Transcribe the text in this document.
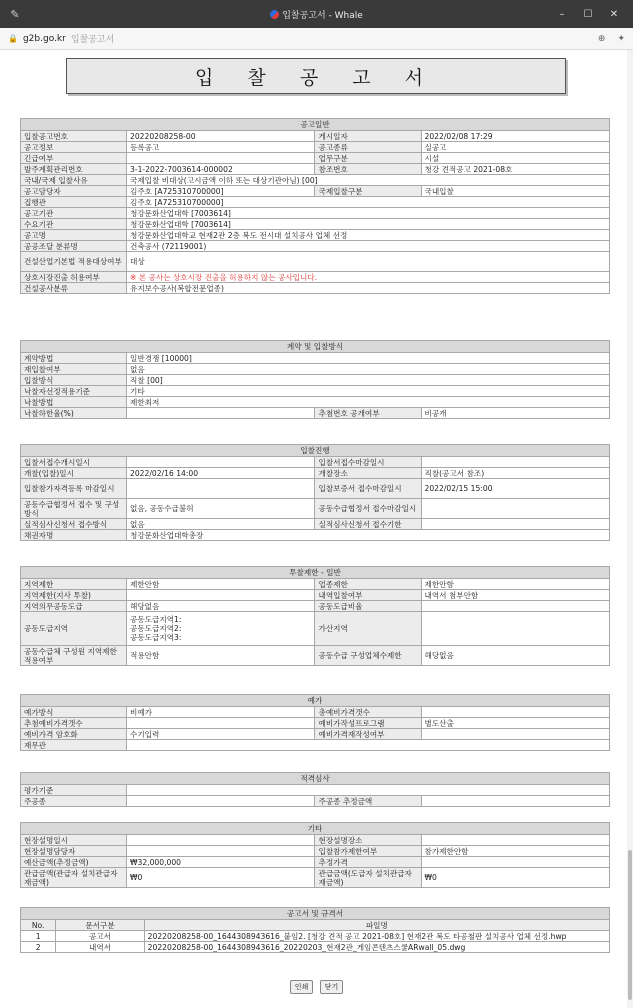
✎	입찰공고서 - Whale	–	☐	✕
🔒 g2b.go.kr 입찰공고서	⊕ ✦
입 찰 공 고 서
공고일반			
입찰공고번호	20220208258-00	게시일자	2022/02/08 17:29
공고정보	등록공고	공고종류	실공고
긴급여부		업무구분	시설
발주계획관리번호	3-1-2022-7003614-000002	참조번호	청강 견적공고 2021-08호
국내/국제 입찰사유	국제입찰 비대상(고시금액 이하 또는 대상기관아님) [00]		
공고담당자	김주호 [A725310700000]	국제입찰구분	국내입찰
집행관	김주호 [A725310700000]		
공고기관	청강문화산업대학 [7003614]		
수요기관	청강문화산업대학 [7003614]		
공고명	청강문화산업대학교 현재2관 2층 복도 전시대 설치공사 업체 선정		
공공조달 분류명	건축공사 (72119001)		
건설산업기본법 적용대상여부	대상		
상호시장진출 허용여부	※ 본 공사는 상호시장 진출을 허용하지 않는 공사입니다.		
건설공사분류	유지보수공사(복합전문업종)		
계약 및 입찰방식			
계약방법	일반경쟁 [10000]		
재입찰여부	없음		
입찰방식	직찰 [00]		
낙찰자선정적용기준	기타		
낙찰방법	제한최저		
낙찰하한율(%)		추첨번호 공개여부	비공개
입찰진행			
입찰서접수개시일시		입찰서접수마감일시	
개찰(입찰)일시	2022/02/16 14:00	개찰장소	직찰(공고서 참조)
입찰참가자격등록 마감일시		입찰보증서 접수마감일시	2022/02/15 15:00
공동수급협정서 접수 및 구성방식	없음, 공동수급불허	공동수급협정서 접수마감일시	
실적심사신청서 접수방식	없음	실적심사신청서 접수기한	
채권자명	청강문화산업대학총장		
투찰제한 - 일반			
지역제한	제한안함	업종제한	제한안함
지역제한(지사 투찰)		내역입찰여부	내역서 첨부안함
지역의무공동도급	해당없음	공동도급비율	
공동도급지역	공동도급지역1:
공동도급지역2:
공동도급지역3:	가산지역	
공동수급체 구성원 지역제한 적용여부	적용안함	공동수급 구성업체수제한	해당없음
예가			
예가방식	비예가	총예비가격갯수	
추첨예비가격갯수		예비가작성프로그램	별도산출
예비가격 암호화	수기입력	예비가격재작성여부	
재무관			
적격심사			
평가기준			
주공종		주공종 추정금액	
기타			
현장설명일시		현장설명장소	
현장설명담당자		입찰참가제한여부	참가제한안함
예산금액(추정금액)	₩32,000,000	추정가격	
관급금액(관급자 설치관급자재금액)	₩0	관급금액(도급자 설치관급자재금액)	₩0
공고서 및 규격서		
No.	문서구분	파일명
1	공고서	20220208258-00_1644308943616_붙임2. [청강 견적 공고 2021-08호] 현재2관 복도 타공철판 설치공사 업체 선정.hwp
2	내역서	20220208258-00_1644308943616_20220203_현재2관_게임콘텐츠스쿨ARwall_05.dwg
인쇄 닫기
